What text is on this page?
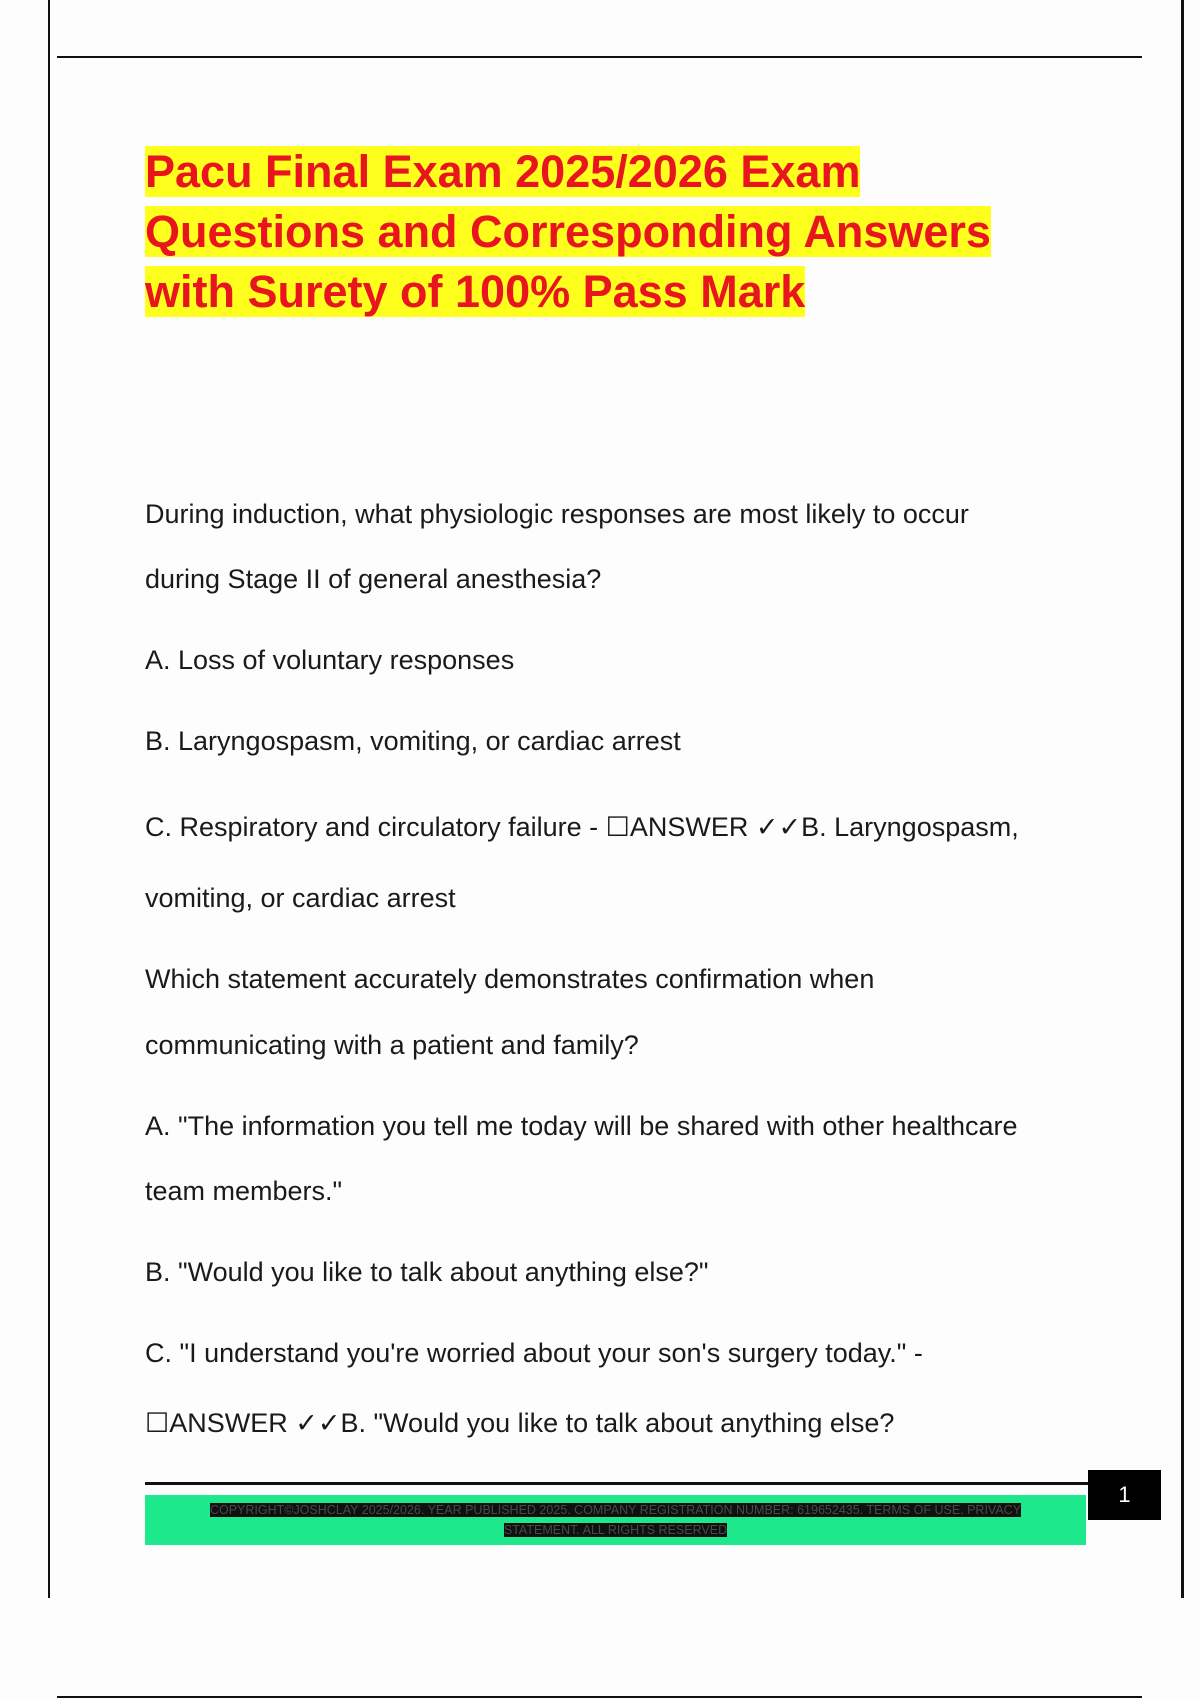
Pacu Final Exam 2025/2026 Exam
Questions and Corresponding Answers
with Surety of 100% Pass Mark

During induction, what physiologic responses are most likely to occur

during Stage II of general anesthesia?

A. Loss of voluntary responses

B. Laryngospasm, vomiting, or cardiac arrest

C. Respiratory and circulatory failure - ☐ANSWER ✓✓B. Laryngospasm,

vomiting, or cardiac arrest

Which statement accurately demonstrates confirmation when

communicating with a patient and family?

A. "The information you tell me today will be shared with other healthcare

team members."

B. "Would you like to talk about anything else?"

C. "I understand you're worried about your son's surgery today." -

☐ANSWER ✓✓B. "Would you like to talk about anything else?

1
COPYRIGHT©JOSHCLAY 2025/2026. YEAR PUBLISHED 2025. COMPANY REGISTRATION NUMBER: 619652435. TERMS OF USE. PRIVACY STATEMENT. ALL RIGHTS RESERVED
